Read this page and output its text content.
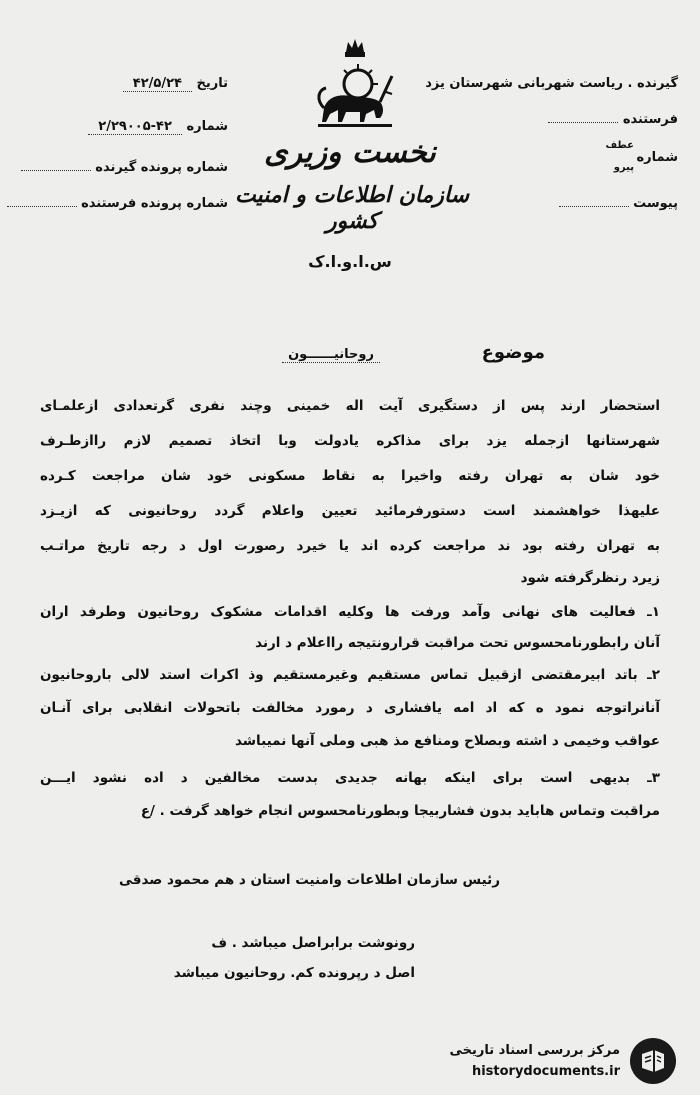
گیرنده . ریاست شهربانی شهرستان یزد
فرستنده
شماره
عطف
پیرو
پیوست
تاریخ ۴۲/۵/۲۴
شماره ۲/۲۹۰۰۵-۴۲
شماره پرونده گیرنده
شماره پرونده فرستنده
نخست وزیری
سازمان اطلاعات و امنیت کشور
س.ا.و.ا.ک
موضوع
روحانیــــــون
استحضار ارند پس از دستگیری آیت اله خمینی وچند نفری گرتعدادی ازعلمـای
شهرستانها ازجمله یزد برای مذاکره یادولت وبا اتخاذ تصمیم لازم راازطـرف
خود شان به تهران رفته واخیرا به نقاط مسکونی خود شان مراجعت کـرده
علیهذا خواهشمند است دستورفرمائید تعیین واعلام گردد روحانیونی که ازیـزد
به تهران رفته بود ند مراجعت کرده اند یا خیرد رصورت اول د رجه تاریخ مراتـب
زیرد رنظرگرفته شود
۱ـ فعالیت های نهانی وآمد ورفت ها وکلیه اقدامات مشکوک روحانیون وطرفد اران
آنان رابطورنامحسوس تحت مراقبت قرارونتیجه رااعلام د ارند
۲ـ باتد ابیرمقتضی ازقبیل تماس مستقیم وغیرمستقیم وذ اکرات استد لالی باروحانیون
آنانراتوجه نمود ه که اد امه یافشاری د رمورد مخالفت باتحولات انقلابی برای آنـان
عواقب وخیمی د اشته وبصلاح ومنافع مذ هبی وملی آنها نمیباشد
۳ـ بدیهی است برای اینکه بهانه جدیدی بدست مخالفین د اده نشود ایـــن
مراقبت وتماس هاباید بدون فشاربیجا وبطورنامحسوس انجام خواهد گرفت . /ع
رئیس سازمان اطلاعات وامنیت استان د هم محمود صدقی
رونوشت برابراصل میباشد . ف
اصل د رپرونده کم. روحانیون میباشد
مرکز بررسی اسناد تاریخی
historydocuments.ir
